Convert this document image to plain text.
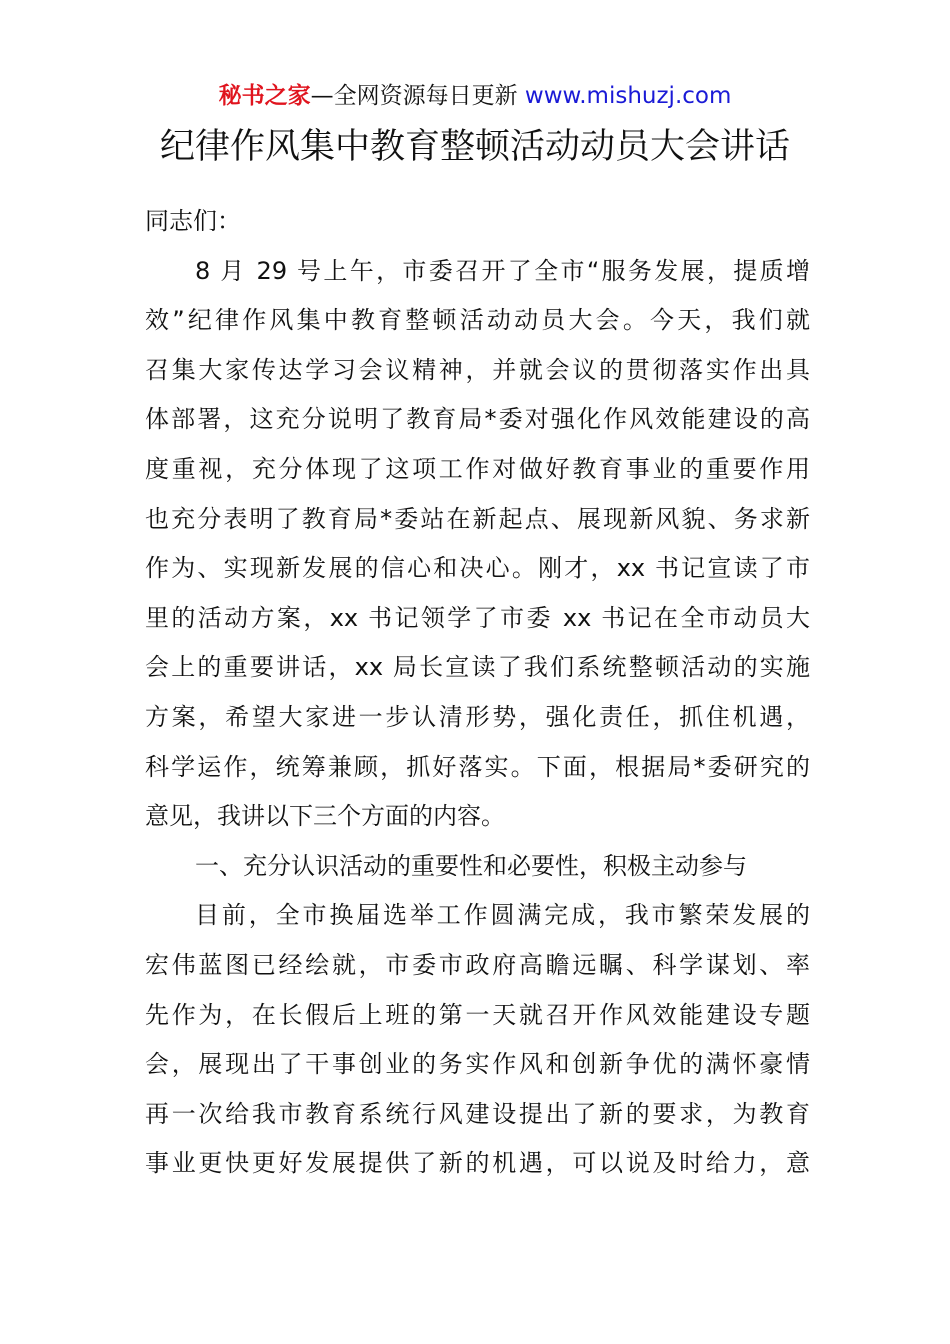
秘书之家—全网资源每日更新 www.mishuzj.com
纪律作风集中教育整顿活动动员大会讲话
同志们：
8 月 29 号上午，市委召开了全市“服务发展，提质增
效”纪律作风集中教育整顿活动动员大会。今天，我们就
召集大家传达学习会议精神，并就会议的贯彻落实作出具
体部署，这充分说明了教育局*委对强化作风效能建设的高
度重视，充分体现了这项工作对做好教育事业的重要作用
也充分表明了教育局*委站在新起点、展现新风貌、务求新
作为、实现新发展的信心和决心。刚才，xx 书记宣读了市
里的活动方案，xx 书记领学了市委 xx 书记在全市动员大
会上的重要讲话，xx 局长宣读了我们系统整顿活动的实施
方案，希望大家进一步认清形势，强化责任，抓住机遇，
科学运作，统筹兼顾，抓好落实。下面，根据局*委研究的
意见，我讲以下三个方面的内容。
一、充分认识活动的重要性和必要性，积极主动参与
目前，全市换届选举工作圆满完成，我市繁荣发展的
宏伟蓝图已经绘就，市委市政府高瞻远瞩、科学谋划、率
先作为，在长假后上班的第一天就召开作风效能建设专题
会，展现出了干事创业的务实作风和创新争优的满怀豪情
再一次给我市教育系统行风建设提出了新的要求，为教育
事业更快更好发展提供了新的机遇，可以说及时给力，意
